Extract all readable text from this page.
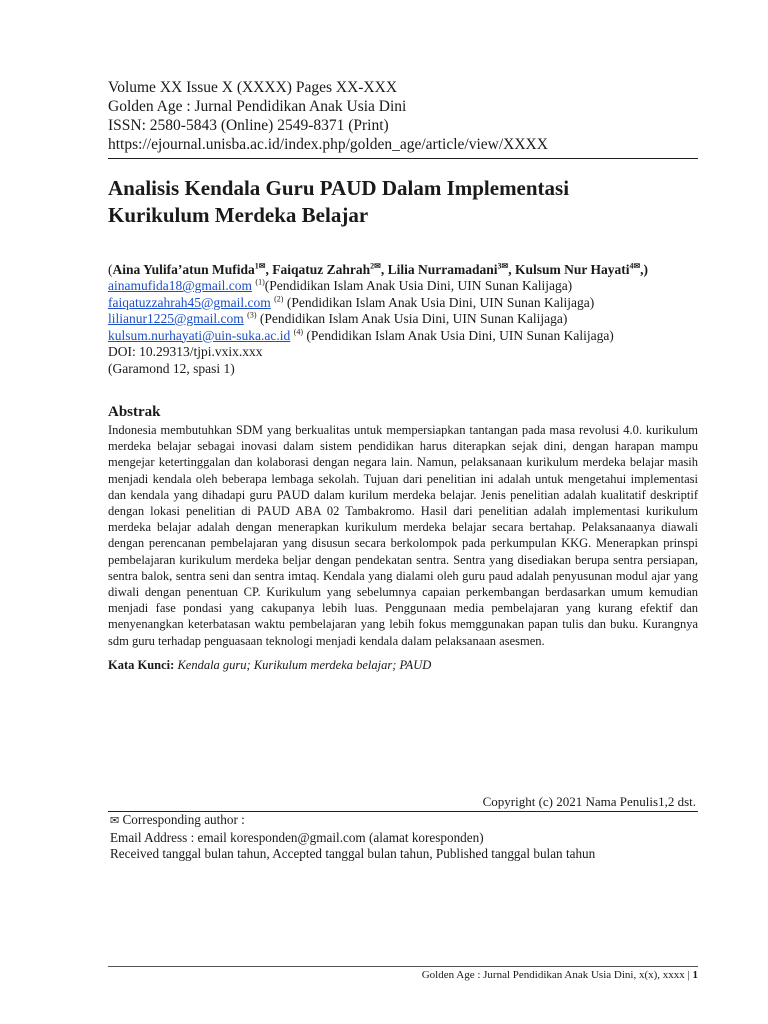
Volume XX Issue X (XXXX) Pages XX-XXX

Golden Age : Jurnal Pendidikan Anak Usia Dini

ISSN: 2580-5843 (Online) 2549-8371 (Print)

https://ejournal.unisba.ac.id/index.php/golden_age/article/view/XXXX

Analisis Kendala Guru PAUD Dalam Implementasi
Kurikulum Merdeka Belajar
(Aina Yulifa’atun Mufida$^{1✉}$, Faiqatuz Zahrah$^{2✉}$, Lilia Nurramadani$^{3✉}$, Kulsum Nur Hayati$^{4✉}$,)
ainamufida18@gmail.com $^{(1)}$(Pendidikan Islam Anak Usia Dini, UIN Sunan Kalijaga)
faiqatuzzahrah45@gmail.com $^{(2)}$ (Pendidikan Islam Anak Usia Dini, UIN Sunan Kalijaga)
lilianur1225@gmail.com $^{(3)}$ (Pendidikan Islam Anak Usia Dini, UIN Sunan Kalijaga)
kulsum.nurhayati@uin-suka.ac.id $^{(4)}$ (Pendidikan Islam Anak Usia Dini, UIN Sunan Kalijaga)
DOI: 10.29313/tjpi.vxix.xxx
(Garamond 12, spasi 1)
Abstrak

Indonesia membutuhkan SDM yang berkualitas untuk mempersiapkan tantangan pada masa revolusi 4.0. kurikulum merdeka belajar sebagai inovasi dalam sistem pendidikan harus diterapkan sejak dini, dengan harapan mampu mengejar ketertinggalan dan kolaborasi dengan negara lain. Namun, pelaksanaan kurikulum merdeka belajar masih menjadi kendala oleh beberapa lembaga sekolah. Tujuan dari penelitian ini adalah untuk mengetahui implementasi dan kendala yang dihadapi guru PAUD dalam kurilum merdeka belajar. Jenis penelitian adalah kualitatif deskriptif dengan lokasi penelitian di PAUD ABA 02 Tambakromo. Hasil dari penelitian adalah implementasi kurikulum merdeka belajar adalah dengan menerapkan kurikulum merdeka belajar secara bertahap. Pelaksanaanya diawali dengan perencanan pembelajaran yang disusun secara berkolompok pada perkumpulan KKG. Menerapkan prinspi pembelajaran kurikulum merdeka beljar dengan pendekatan sentra. Sentra yang disediakan berupa sentra persiapan, sentra balok, sentra seni dan sentra imtaq. Kendala yang dialami oleh guru paud adalah penyusunan modul ajar yang diwali dengan penentuan CP. Kurikulum yang sebelumnya capaian perkembangan berdasarkan umum kemudian menjadi fase pondasi yang cakupanya lebih luas. Penggunaan media pembelajaran yang kurang efektif dan menyenangkan keterbatasan waktu pembelajaran yang lebih fokus memggunakan papan tulis dan buku. Kurangnya sdm guru terhadap penguasaan teknologi menjadi kendala dalam pelaksanaan asesmen.

Kata Kunci: Kendala guru; Kurikulum merdeka belajar; PAUD
Copyright (c) 2021 Nama Penulis1,2 dst.
✉ Corresponding author :
Email Address : email koresponden@gmail.com (alamat koresponden)
Received tanggal bulan tahun, Accepted tanggal bulan tahun, Published tanggal bulan tahun
Golden Age : Jurnal Pendidikan Anak Usia Dini, x(x), xxxx | 1
